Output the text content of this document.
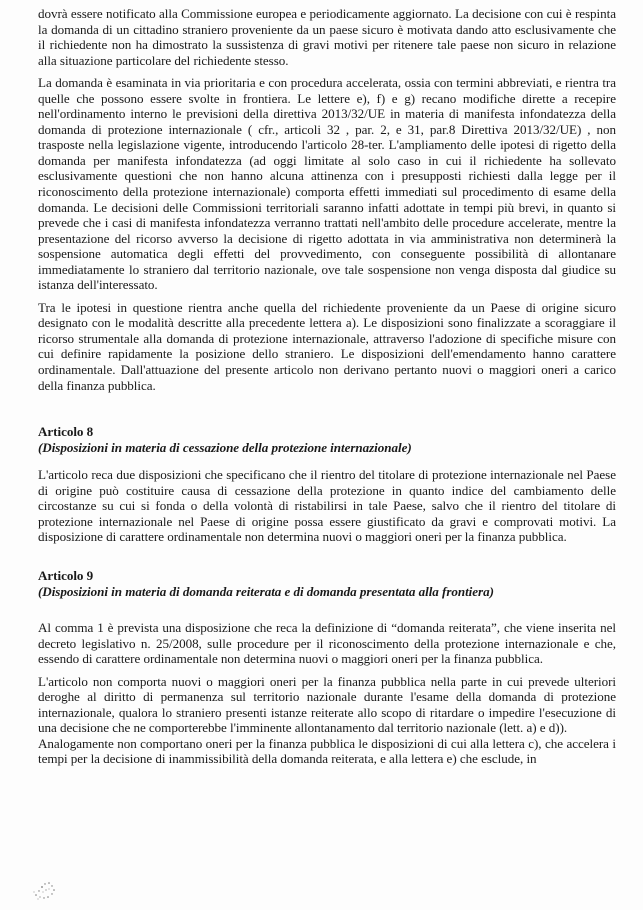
dovrà essere notificato alla Commissione europea e periodicamente aggiornato. La decisione con cui è respinta la domanda di un cittadino straniero proveniente da un paese sicuro è motivata dando atto esclusivamente che il richiedente non ha dimostrato la sussistenza di gravi motivi per ritenere tale paese non sicuro in relazione alla situazione particolare del richiedente stesso.

La domanda è esaminata in via prioritaria e con procedura accelerata, ossia con termini abbreviati, e rientra tra quelle che possono essere svolte in frontiera. Le lettere e), f) e g) recano modifiche dirette a recepire nell'ordinamento interno le previsioni della direttiva 2013/32/UE in materia di manifesta infondatezza della domanda di protezione internazionale ( cfr., articoli 32 , par. 2, e 31, par.8 Direttiva 2013/32/UE) , non trasposte nella legislazione vigente, introducendo l'articolo 28-ter. L'ampliamento delle ipotesi di rigetto della domanda per manifesta infondatezza (ad oggi limitate al solo caso in cui il richiedente ha sollevato esclusivamente questioni che non hanno alcuna attinenza con i presupposti richiesti dalla legge per il riconoscimento della protezione internazionale) comporta effetti immediati sul procedimento di esame della domanda. Le decisioni delle Commissioni territoriali saranno infatti adottate in tempi più brevi, in quanto si prevede che i casi di manifesta infondatezza verranno trattati nell'ambito delle procedure accelerate, mentre la presentazione del ricorso avverso la decisione di rigetto adottata in via amministrativa non determinerà la sospensione automatica degli effetti del provvedimento, con conseguente possibilità di allontanare immediatamente lo straniero dal territorio nazionale, ove tale sospensione non venga disposta dal giudice su istanza dell'interessato.

Tra le ipotesi in questione rientra anche quella del richiedente proveniente da un Paese di origine sicuro designato con le modalità descritte alla precedente lettera a). Le disposizioni sono finalizzate a scoraggiare il ricorso strumentale alla domanda di protezione internazionale, attraverso l'adozione di specifiche misure con cui definire rapidamente la posizione dello straniero. Le disposizioni dell'emendamento hanno carattere ordinamentale. Dall'attuazione del presente articolo non derivano pertanto nuovi o maggiori oneri a carico della finanza pubblica.

Articolo 8

(Disposizioni in materia di cessazione della protezione internazionale)

L'articolo reca due disposizioni che specificano che il rientro del titolare di protezione internazionale nel Paese di origine può costituire causa di cessazione della protezione in quanto indice del cambiamento delle circostanze su cui si fonda o della volontà di ristabilirsi in tale Paese, salvo che il rientro del titolare di protezione internazionale nel Paese di origine possa essere giustificato da gravi e comprovati motivi. La disposizione di carattere ordinamentale non determina nuovi o maggiori oneri per la finanza pubblica.

Articolo 9

(Disposizioni in materia di domanda reiterata e di domanda presentata alla frontiera)

Al comma 1 è prevista una disposizione che reca la definizione di “domanda reiterata”, che viene inserita nel decreto legislativo n. 25/2008, sulle procedure per il riconoscimento della protezione internazionale e che, essendo di carattere ordinamentale non determina nuovi o maggiori oneri per la finanza pubblica.

L'articolo non comporta nuovi o maggiori oneri per la finanza pubblica nella parte in cui prevede ulteriori deroghe al diritto di permanenza sul territorio nazionale durante l'esame della domanda di protezione internazionale, qualora lo straniero presenti istanze reiterate allo scopo di ritardare o impedire l'esecuzione di una decisione che ne comporterebbe l'imminente allontanamento dal territorio nazionale (lett. a) e d)).

Analogamente non comportano oneri per la finanza pubblica le disposizioni di cui alla lettera c), che accelera i tempi per la decisione di inammissibilità della domanda reiterata, e alla lettera e) che esclude, in
